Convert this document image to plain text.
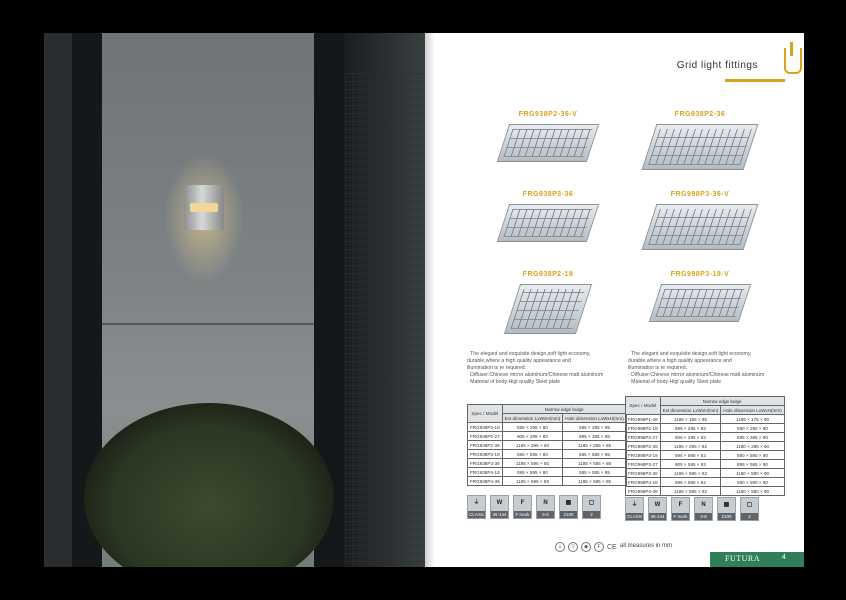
Grid light fittings
FRG938P2-36-V	FRG938P2-36
FRG938P3-36	FRG998P3-36-V
FRG938P2-18	FRG998P3-18-V
· The elegant and exquisite design,soft light economy,
durable,where a high quality appearance and
illumination is re required.
· Diffuser:Chinese mirror aluminum/Chinese matt aluminum
· Material of body:Higt quality Steel plate
· The elegant and exquisite design,soft light economy,
durable,where a high quality appearance and
illumination is re required.
· Diffuser:Chinese mirror aluminum/Chinese matt aluminum
· Material of body:Higt quality Steel plate
Spec / Model	Narrow edge bulge	
	Ext dimension LxWxH(mm)	Hole dimension LxWxH(mm)
FRG938P2-18	595 × 295 × 80	585 × 285 × 85
FRG938P2-27	905 × 295 × 80	895 × 285 × 85
FRG938P2-36	1195 × 295 × 80	1185 × 285 × 85
FRG938P3-18	595 × 595 × 80	585 × 585 × 85
FRG938P3-36	1195 × 595 × 80	1185 × 585 × 85
FRG938P4-18	595 × 595 × 80	585 × 585 × 85
FRG938P4-36	1195 × 595 × 80	1185 × 585 × 85
Spec / Model	Narrow edge bulge	
	Ext dimension LxWxH(mm)	Hole dimension LxWxH(mm)
FRG998P1-36	1195 × 185 × 95	1185 × 175 × 90
FRG998P2-18	595 × 295 × 82	580 × 280 × 90
FRG998P2-27	905 × 295 × 82	895 × 285 × 90
FRG998P2-36	1195 × 295 × 82	1180 × 285 × 90
FRG998P3-18	595 × 595 × 82	580 × 580 × 90
FRG998P3-27	905 × 595 × 82	895 × 585 × 90
FRG998P3-36	1195 × 595 × 82	1180 × 580 × 90
FRG998P4-18	595 × 595 × 82	580 × 580 × 90
FRG998P4-36	1195 × 595 × 82	1180 × 580 × 90
⏚
CLASS I
W
36-144
F
F mark
N
5-8
▦
2100
▢
2
⏚
CLASS I
W
36-144
F
F mark
N
3-8
▦
2100
▢
2
⏚	▽	◆	F CE all measures in mm
FUTURA	4
